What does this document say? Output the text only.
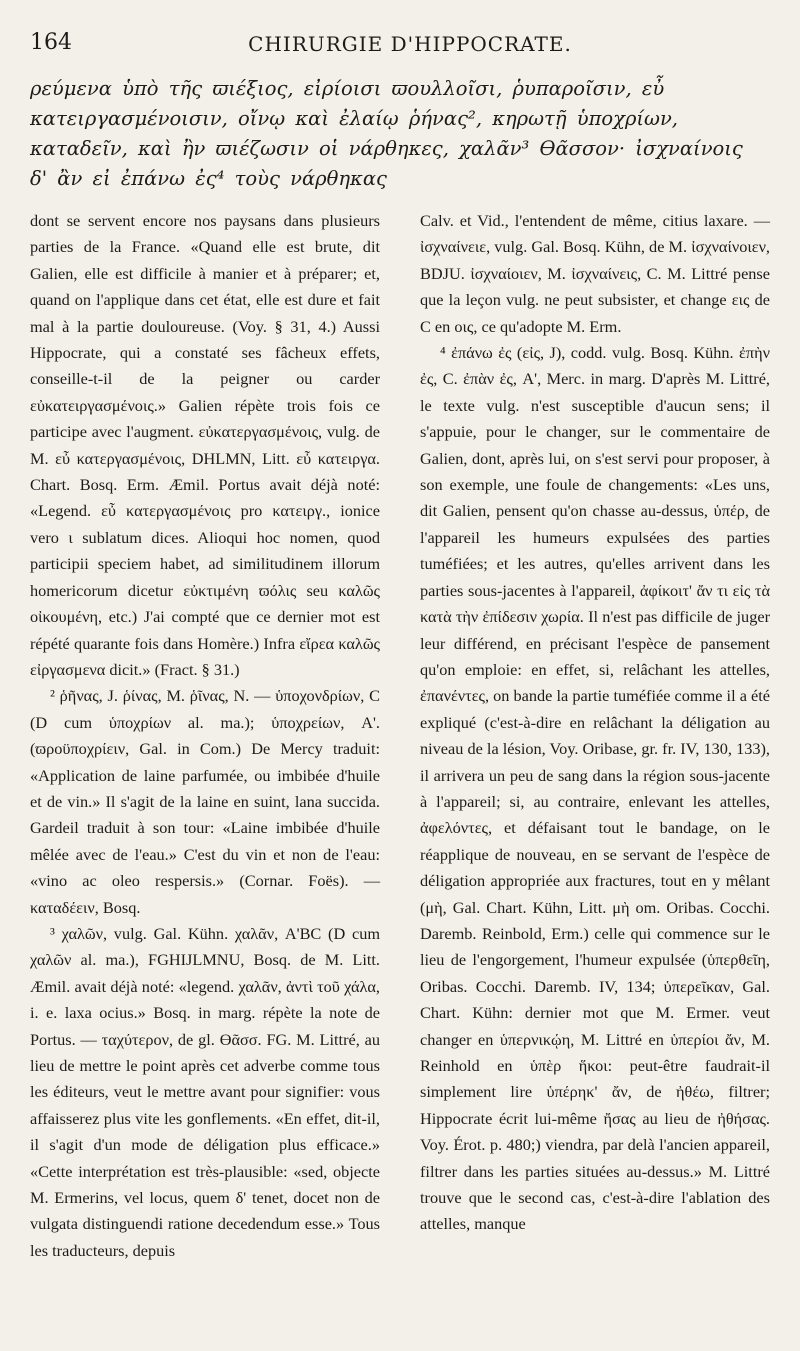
164	CHIRURGIE D'HIPPOCRATE.
ρεύμενα ὑπὸ τῆς ϖιέξιος, εἰρίοισι ϖουλλοῖσι, ῥυπαροῖσιν, εὖ κατειργασμένοισιν, οἴνῳ καὶ ἐλαίῳ ῥήνας², κηρωτῇ ὑποχρίων, καταδεῖν, καὶ ἢν ϖιέζωσιν οἱ νάρθηκες, χαλᾶν³ Ɵᾶσσον· ἰσχναίνοις δ' ἂν εἰ ἐπάνω ἐς⁴ τοὺς νάρθηκας

dont se servent encore nos paysans dans plusieurs parties de la France. «Quand elle est brute, dit Galien, elle est difficile à manier et à préparer; et, quand on l'applique dans cet état, elle est dure et fait mal à la partie douloureuse. (Voy. § 31, 4.) Aussi Hippocrate, qui a constaté ses fâcheux effets, conseille-t-il de la peigner ou carder εὐκατειργασμένοις.» Galien répète trois fois ce participe avec l'augment. εὐκατεργασμένοις, vulg. de M. εὖ κατεργασμένοις, DHLMN, Litt. εὖ κατειργα. Chart. Bosq. Erm. Æmil. Portus avait déjà noté: «Legend. εὖ κατεργασμένοις pro κατειργ., ionice vero ι sublatum dices. Alioqui hoc nomen, quod participii speciem habet, ad similitudinem illorum homericorum dicetur εὐκτιμένη ϖόλις seu καλῶς οἰκουμένη, etc.) J'ai compté que ce dernier mot est répété quarante fois dans Homère.) Infra εἴρεα καλῶς εἰργασμενα dicit.» (Fract. § 31.)

² ῥῆνας, J. ῥίνας, M. ῥῖνας, N. — ὑποχονδρίων, C (D cum ὑποχρίων al. ma.); ὑποχρείων, A'. (ϖροϋποχρίειν, Gal. in Com.) De Mercy traduit: «Application de laine parfumée, ou imbibée d'huile et de vin.» Il s'agit de la laine en suint, lana succida. Gardeil traduit à son tour: «Laine imbibée d'huile mêlée avec de l'eau.» C'est du vin et non de l'eau: «vino ac oleo respersis.» (Cornar. Foës). — καταδέειν, Bosq.

³ χαλῶν, vulg. Gal. Kühn. χαλᾶν, A'BC (D cum χαλῶν al. ma.), FGHIJLMNU, Bosq. de M. Litt. Æmil. avait déjà noté: «legend. χαλᾶν, ἀντὶ τοῦ χάλα, i. e. laxa ocius.» Bosq. in marg. répète la note de Portus. — ταχύτερον, de gl. Ɵᾶσσ. FG. M. Littré, au lieu de mettre le point après cet adverbe comme tous les éditeurs, veut le mettre avant pour signifier: vous affaisserez plus vite les gonflements. «En effet, dit-il, il s'agit d'un mode de déligation plus efficace.» «Cette interprétation est très-plausible: «sed, objecte M. Ermerins, vel locus, quem δ' tenet, docet non de vulgata distinguendi ratione decedendum esse.» Tous les traducteurs, depuis

Calv. et Vid., l'entendent de même, citius laxare. — ἰσχναίνειε, vulg. Gal. Bosq. Kühn, de M. ἰσχναίνοιεν, BDJU. ἰσχναίοιεν, M. ἰσχναίνεις, C. M. Littré pense que la leçon vulg. ne peut subsister, et change εις de C en οις, ce qu'adopte M. Erm.

⁴ ἐπάνω ἐς (εἰς, J), codd. vulg. Bosq. Kühn. ἐπὴν ἐς, C. ἐπὰν ἐς, A', Merc. in marg. D'après M. Littré, le texte vulg. n'est susceptible d'aucun sens; il s'appuie, pour le changer, sur le commentaire de Galien, dont, après lui, on s'est servi pour proposer, à son exemple, une foule de changements: «Les uns, dit Galien, pensent qu'on chasse au-dessus, ὑπέρ, de l'appareil les humeurs expulsées des parties tuméfiées; et les autres, qu'elles arrivent dans les parties sous-jacentes à l'appareil, ἀφίκοιτ' ἄν τι εἰς τὰ κατὰ τὴν ἐπίδεσιν χωρία. Il n'est pas difficile de juger leur différend, en précisant l'espèce de pansement qu'on emploie: en effet, si, relâchant les attelles, ἐπανέντες, on bande la partie tuméfiée comme il a été expliqué (c'est-à-dire en relâchant la déligation au niveau de la lésion, Voy. Oribase, gr. fr. IV, 130, 133), il arrivera un peu de sang dans la région sous-jacente à l'appareil; si, au contraire, enlevant les attelles, ἀφελόντες, et défaisant tout le bandage, on le réapplique de nouveau, en se servant de l'espèce de déligation appropriée aux fractures, tout en y mêlant (μὴ, Gal. Chart. Kühn, Litt. μὴ om. Oribas. Cocchi. Daremb. Reinbold, Erm.) celle qui commence sur le lieu de l'engorgement, l'humeur expulsée (ὑπερθεῖη, Oribas. Cocchi. Daremb. IV, 134; ὑπερεῖκαν, Gal. Chart. Kühn: dernier mot que M. Ermer. veut changer en ὑπερνικῴη, M. Littré en ὑπερίοι ἄν, M. Reinhold en ὑπὲρ ἥκοι: peut-être faudrait-il simplement lire ὑπέρηκ' ἄν, de ἠθέω, filtrer; Hippocrate écrit lui-même ἤσας au lieu de ἠθήσας. Voy. Érot. p. 480;) viendra, par delà l'ancien appareil, filtrer dans les parties situées au-dessus.» M. Littré trouve que le second cas, c'est-à-dire l'ablation des attelles, manque
